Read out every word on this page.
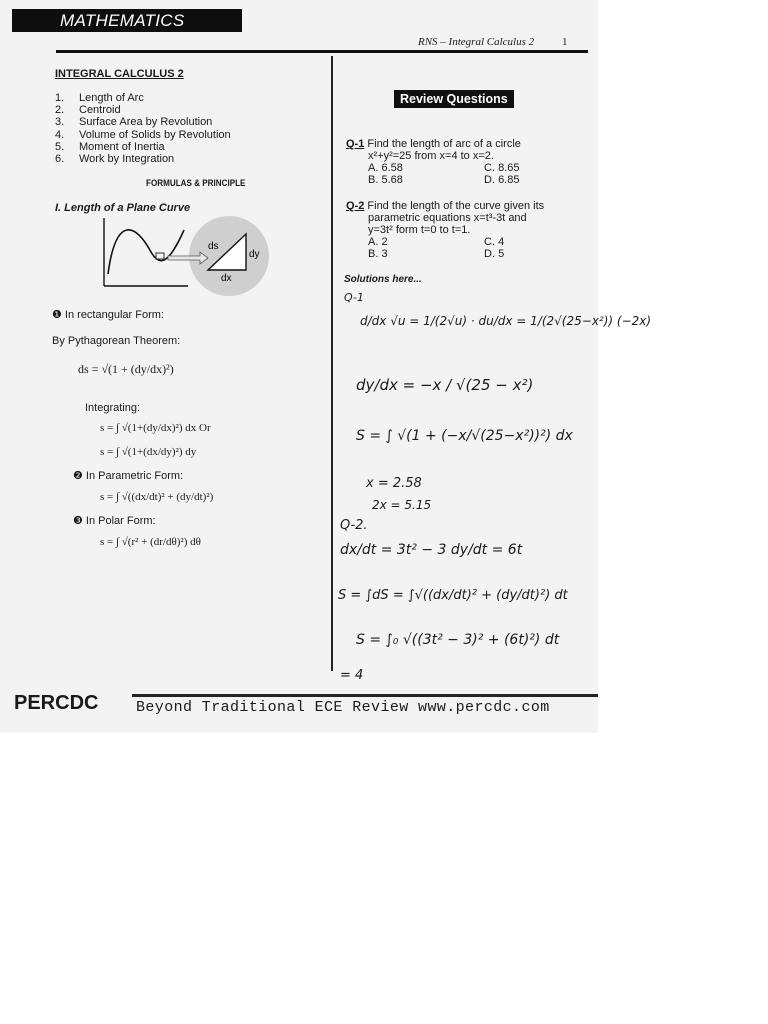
MATHEMATICS
RNS – Integral Calculus 2	1
INTEGRAL CALCULUS 2
1. Length of Arc
2. Centroid
3. Surface Area by Revolution
4. Volume of Solids by Revolution
5. Moment of Inertia
6. Work by Integration
FORMULAS & PRINCIPLE
I. Length of a Plane Curve
ds
dy
dx
❶ In rectangular Form:
By Pythagorean Theorem:
ds = √(1 + (dy/dx)²)
Integrating:
s = ∫ √(1+(dy/dx)²) dx Or
s = ∫ √(1+(dx/dy)²) dy
❷ In Parametric Form:
s = ∫ √((dx/dt)² + (dy/dt)²)
❸ In Polar Form:
s = ∫ √(r² + (dr/dθ)²) dθ
Review Questions
Q-1 Find the length of arc of a circle
x²+y²=25 from x=4 to x=2.
A. 6.58	C. 8.65
B. 5.68	D. 6.85
Q-2 Find the length of the curve given its
parametric equations x=t³-3t and
y=3t² form t=0 to t=1.
A. 2	C. 4
B. 3	D. 5
Solutions here...
Q-1
d/dx √u = 1/(2√u) · du/dx = 1/(2√(25−x²)) (−2x)
dy/dx = −x / √(25 − x²)
S = ∫ √(1 + (−x/√(25−x²))²) dx
x = 2.58
2x = 5.15
Q-2.
dx/dt = 3t² − 3 dy/dt = 6t
S = ∫dS = ∫√((dx/dt)² + (dy/dt)²) dt
S = ∫₀ √((3t² − 3)² + (6t)²) dt
= 4
PERCDC	Beyond Traditional ECE Review www.percdc.com
